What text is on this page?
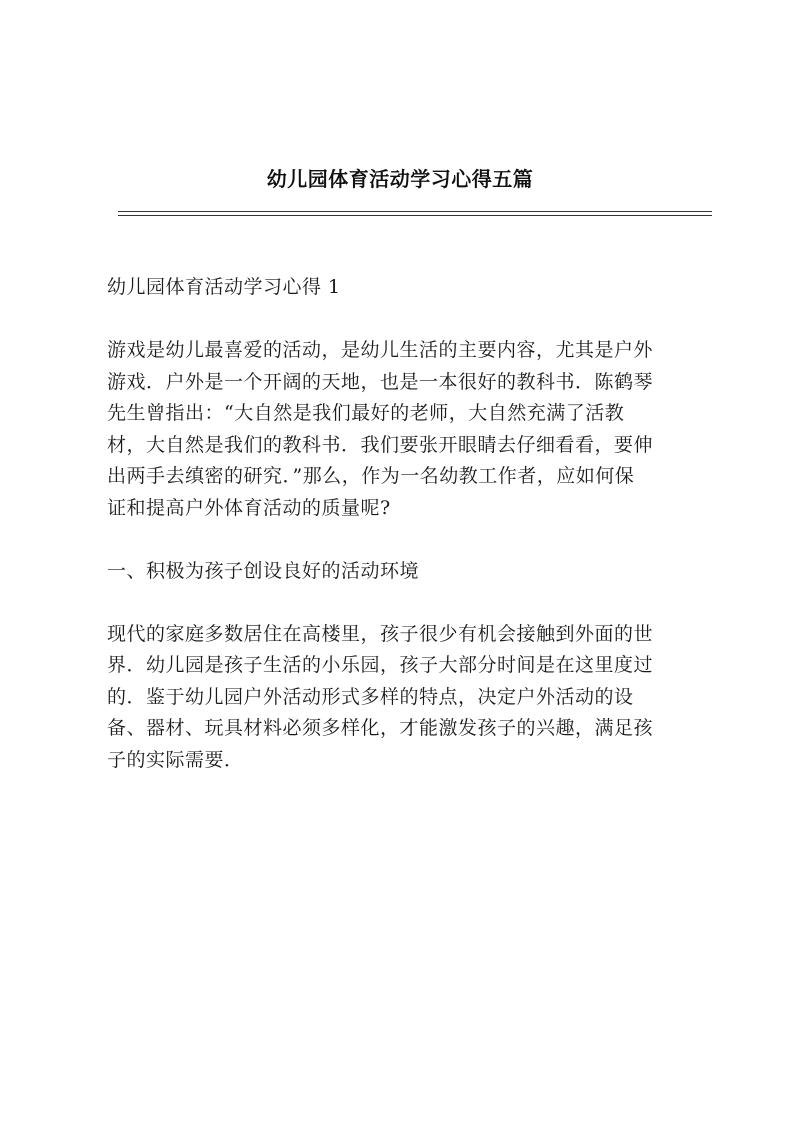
幼儿园体育活动学习心得五篇

幼儿园体育活动学习心得 1

游戏是幼儿最喜爱的活动，是幼儿生活的主要内容，尤其是户外
游戏．户外是一个开阔的天地，也是一本很好的教科书．陈鹤琴
先生曾指出：“大自然是我们最好的老师，大自然充满了活教
材，大自然是我们的教科书．我们要张开眼睛去仔细看看，要伸
出两手去缜密的研究．”那么，作为一名幼教工作者，应如何保
证和提高户外体育活动的质量呢?

一、积极为孩子创设良好的活动环境

现代的家庭多数居住在高楼里，孩子很少有机会接触到外面的世
界．幼儿园是孩子生活的小乐园，孩子大部分时间是在这里度过
的．鉴于幼儿园户外活动形式多样的特点，决定户外活动的设
备、器材、玩具材料必须多样化，才能激发孩子的兴趣，满足孩
子的实际需要．
